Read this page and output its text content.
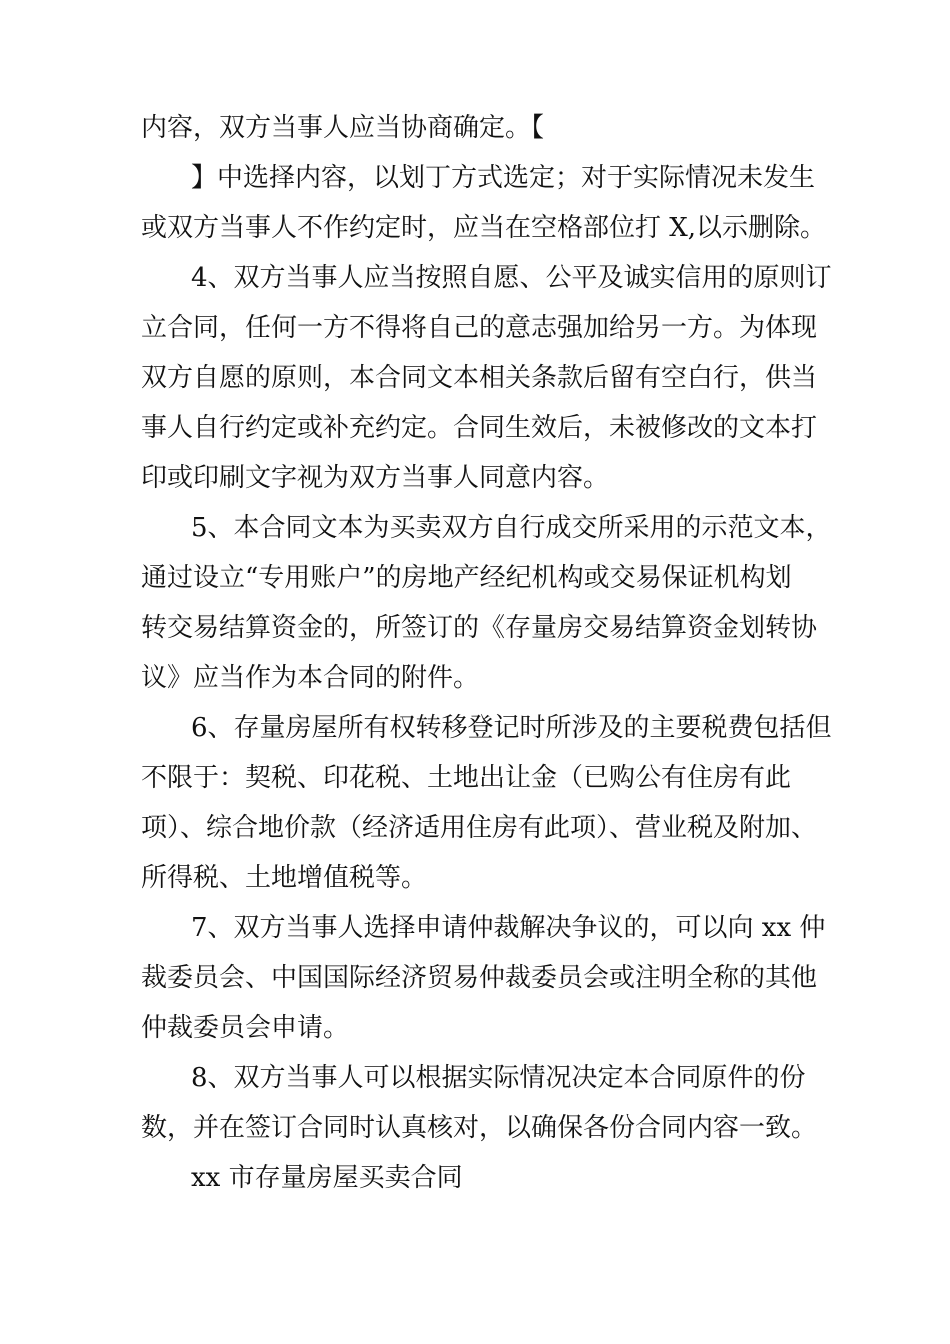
内容，双方当事人应当协商确定。【

】中选择内容，以划丁方式选定；对于实际情况未发生

或双方当事人不作约定时，应当在空格部位打 X,以示删除。

4、双方当事人应当按照自愿、公平及诚实信用的原则订

立合同，任何一方不得将自己的意志强加给另一方。为体现

双方自愿的原则，本合同文本相关条款后留有空白行，供当

事人自行约定或补充约定。合同生效后，未被修改的文本打

印或印刷文字视为双方当事人同意内容。

5、本合同文本为买卖双方自行成交所采用的示范文本，

通过设立“专用账户”的房地产经纪机构或交易保证机构划

转交易结算资金的，所签订的《存量房交易结算资金划转协

议》应当作为本合同的附件。

6、存量房屋所有权转移登记时所涉及的主要税费包括但

不限于：契税、印花税、土地出让金（已购公有住房有此

项）、综合地价款（经济适用住房有此项）、营业税及附加、

所得税、土地增值税等。

7、双方当事人选择申请仲裁解决争议的，可以向 xx 仲

裁委员会、中国国际经济贸易仲裁委员会或注明全称的其他

仲裁委员会申请。

8、双方当事人可以根据实际情况决定本合同原件的份

数，并在签订合同时认真核对，以确保各份合同内容一致。

xx 市存量房屋买卖合同
